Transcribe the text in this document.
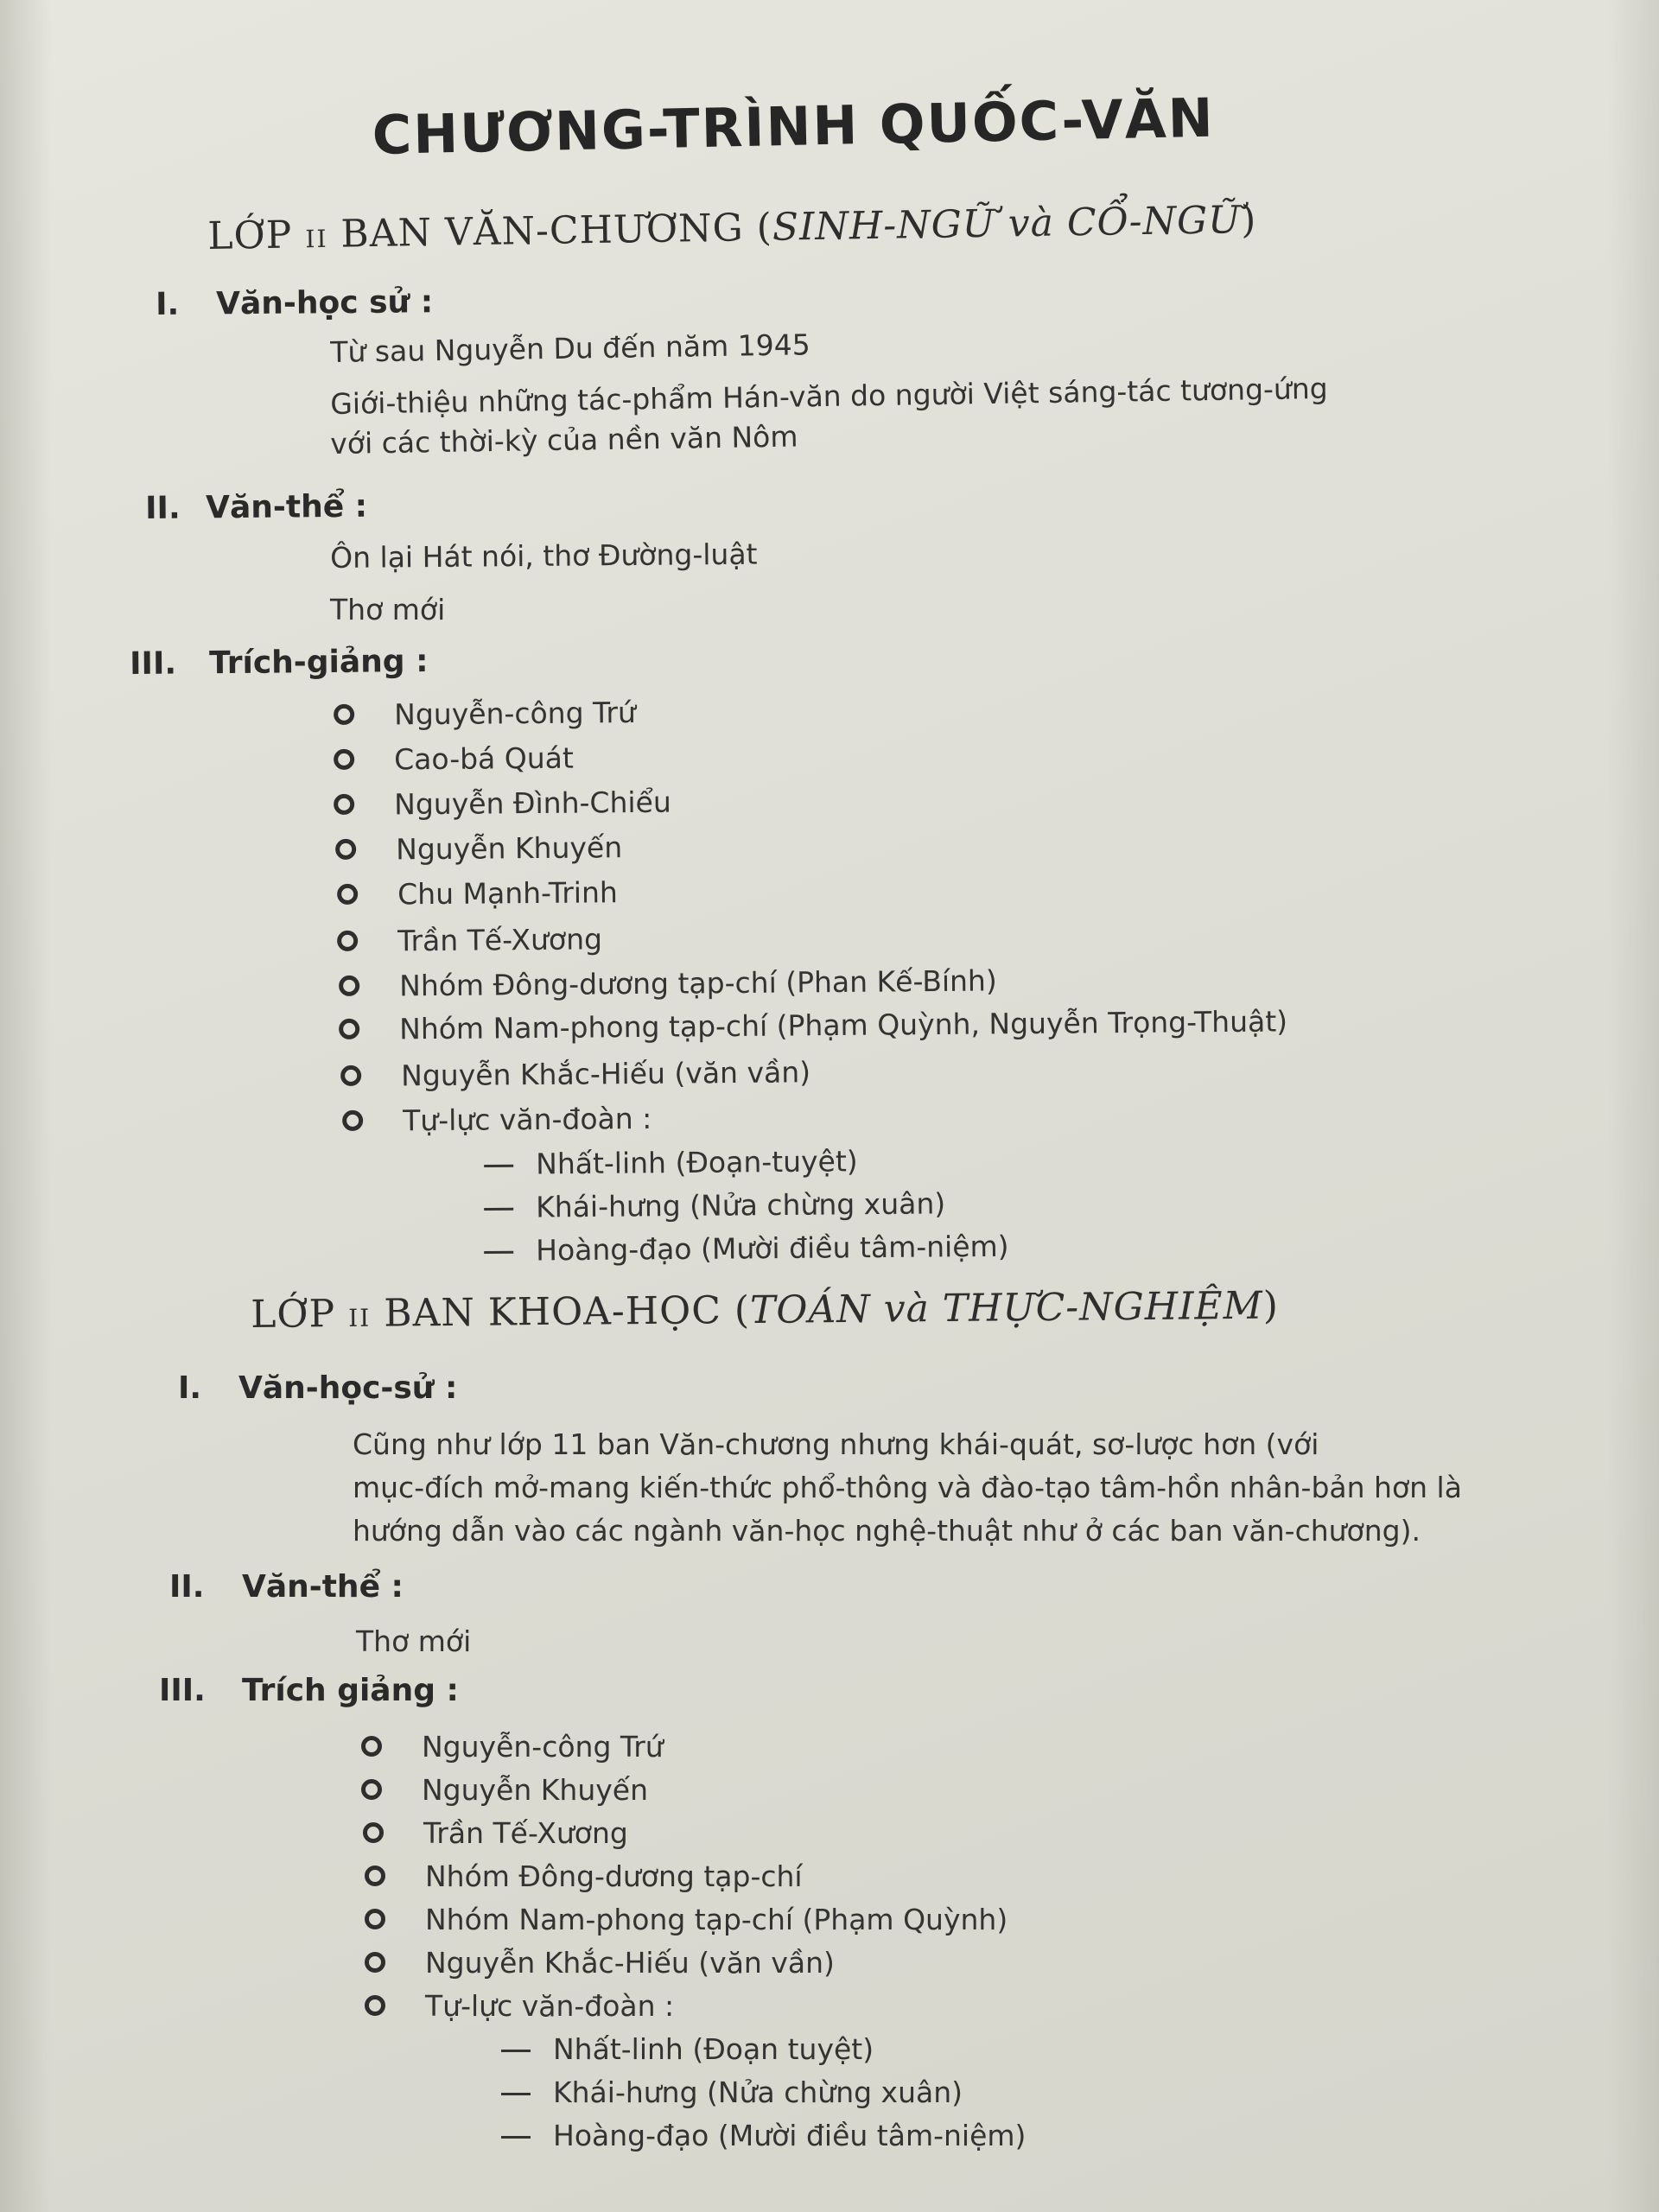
CHƯƠNG-TRÌNH QUỐC-VĂN
LỚP II BAN VĂN-CHƯƠNG (SINH-NGỮ và CỔ-NGỮ)
I. Văn-học sử :
Từ sau Nguyễn Du đến năm 1945
Giới-thiệu những tác-phẩm Hán-văn do người Việt sáng-tác tương-ứng
với các thời-kỳ của nền văn Nôm
II. Văn-thể :
Ôn lại Hát nói, thơ Đường-luật
Thơ mới
III. Trích-giảng :
Nguyễn-công Trứ
Cao-bá Quát
Nguyễn Đình-Chiểu
Nguyễn Khuyến
Chu Mạnh-Trinh
Trần Tế-Xương
Nhóm Đông-dương tạp-chí (Phan Kế-Bính)
Nhóm Nam-phong tạp-chí (Phạm Quỳnh, Nguyễn Trọng-Thuật)
Nguyễn Khắc-Hiếu (văn vần)
Tự-lực văn-đoàn :
Nhất-linh (Đoạn-tuyệt)
Khái-hưng (Nửa chừng xuân)
Hoàng-đạo (Mười điều tâm-niệm)
LỚP II BAN KHOA-HỌC (TOÁN và THỰC-NGHIỆM)
I. Văn-học-sử :
Cũng như lớp 11 ban Văn-chương nhưng khái-quát, sơ-lược hơn (với
mục-đích mở-mang kiến-thức phổ-thông và đào-tạo tâm-hồn nhân-bản hơn là
hướng dẫn vào các ngành văn-học nghệ-thuật như ở các ban văn-chương).
II. Văn-thể :
Thơ mới
III. Trích giảng :
Nguyễn-công Trứ
Nguyễn Khuyến
Trần Tế-Xương
Nhóm Đông-dương tạp-chí
Nhóm Nam-phong tạp-chí (Phạm Quỳnh)
Nguyễn Khắc-Hiếu (văn vần)
Tự-lực văn-đoàn :
Nhất-linh (Đoạn tuyệt)
Khái-hưng (Nửa chừng xuân)
Hoàng-đạo (Mười điều tâm-niệm)
